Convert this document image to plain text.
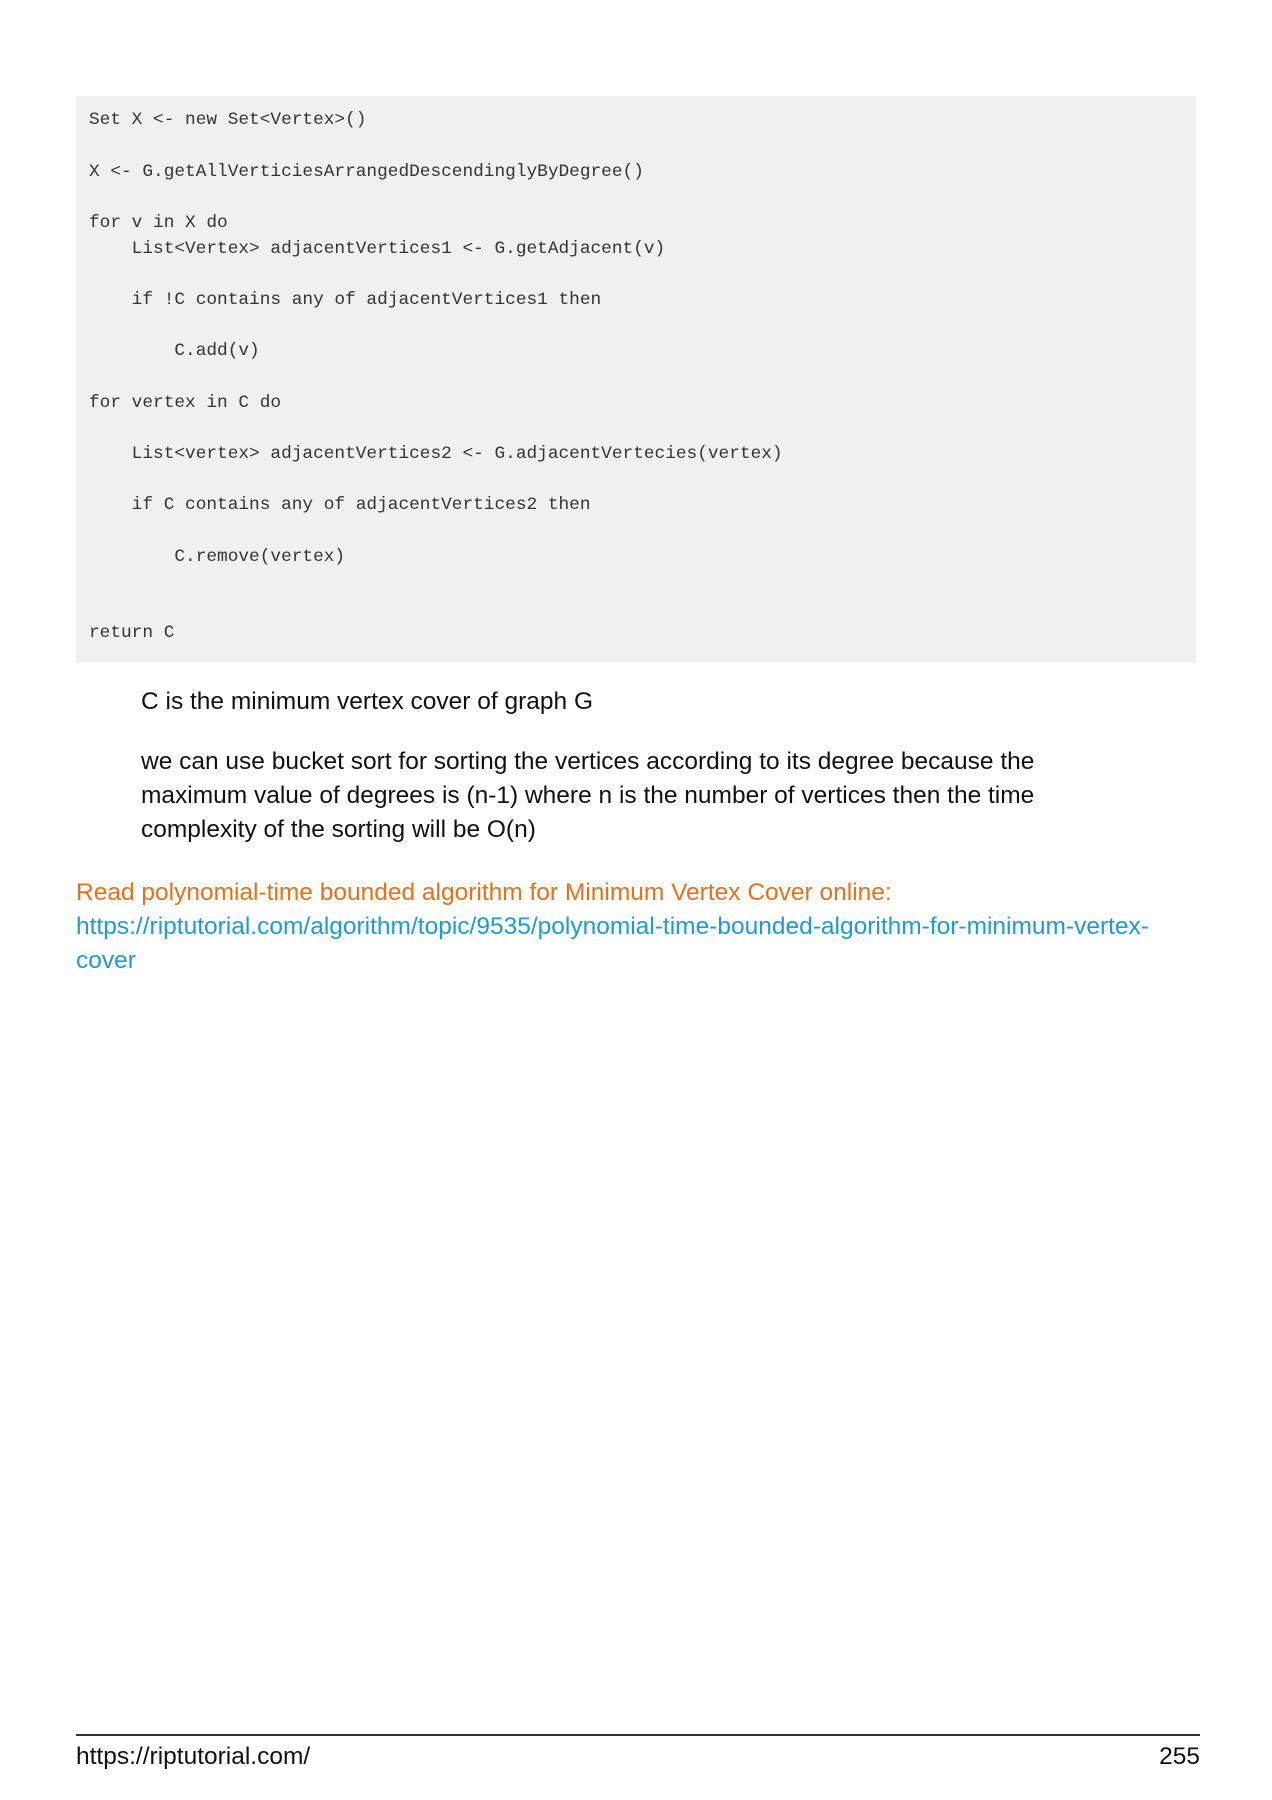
Set X <- new Set<Vertex>()
X <- G.getAllVerticiesArrangedDescendinglyByDegree()
for v in X do
List<Vertex> adjacentVertices1 <- G.getAdjacent(v)
if !C contains any of adjacentVertices1 then
C.add(v)
for vertex in C do
List<vertex> adjacentVertices2 <- G.adjacentVertecies(vertex)
if C contains any of adjacentVertices2 then
C.remove(vertex)
return C

C is the minimum vertex cover of graph G

we can use bucket sort for sorting the vertices according to its degree because the maximum value of degrees is (n-1) where n is the number of vertices then the time complexity of the sorting will be O(n)

Read polynomial-time bounded algorithm for Minimum Vertex Cover online:
https://riptutorial.com/algorithm/topic/9535/polynomial-time-bounded-algorithm-for-minimum-vertex-cover
https://riptutorial.com/	255
